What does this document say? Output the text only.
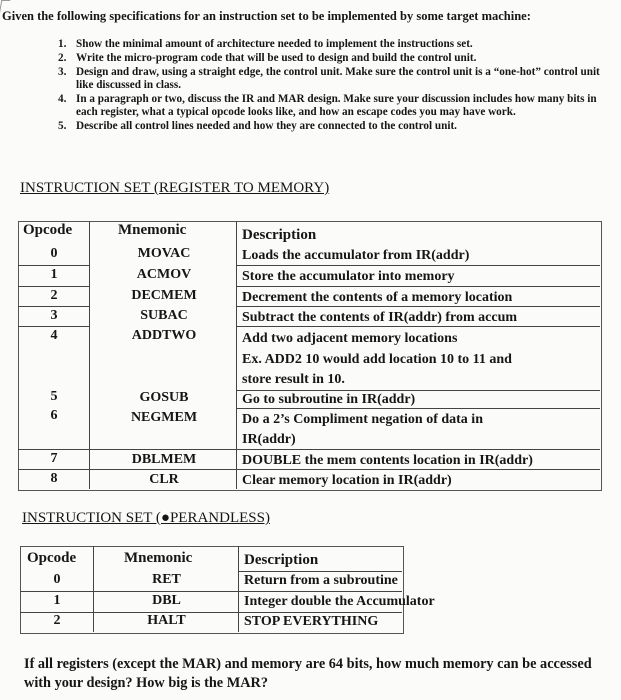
Given the following specifications for an instruction set to be implemented by some target machine:
1. Show the minimal amount of architecture needed to implement the instructions set.
2. Write the micro-program code that will be used to design and build the control unit.
3. Design and draw, using a straight edge, the control unit. Make sure the control unit is a “one-hot” control unit like discussed in class.
4. In a paragraph or two, discuss the IR and MAR design. Make sure your discussion includes how many bits in each register, what a typical opcode looks like, and how an escape codes you may have work.
5. Describe all control lines needed and how they are connected to the control unit.
INSTRUCTION SET (REGISTER TO MEMORY)
Opcode	Mnemonic	Description
0	MOVAC	Loads the accumulator from IR(addr)
1	ACMOV	Store the accumulator into memory
2	DECMEM	Decrement the contents of a memory location
3	SUBAC	Subtract the contents of IR(addr) from accum
4	ADDTWO	Add two adjacent memory locations
Ex. ADD2 10 would add location 10 to 11 and
store result in 10.
5	GOSUB	Go to subroutine in IR(addr)
6	NEGMEM	Do a 2’s Compliment negation of data in
IR(addr)
7	DBLMEM	DOUBLE the mem contents location in IR(addr)
8	CLR	Clear memory location in IR(addr)
INSTRUCTION SET (●PERANDLESS)
Opcode	Mnemonic	Description
0	RET	Return from a subroutine
1	DBL	Integer double the Accumulator
2	HALT	STOP EVERYTHING
If all registers (except the MAR) and memory are 64 bits, how much memory can be accessed with your design? How big is the MAR?
